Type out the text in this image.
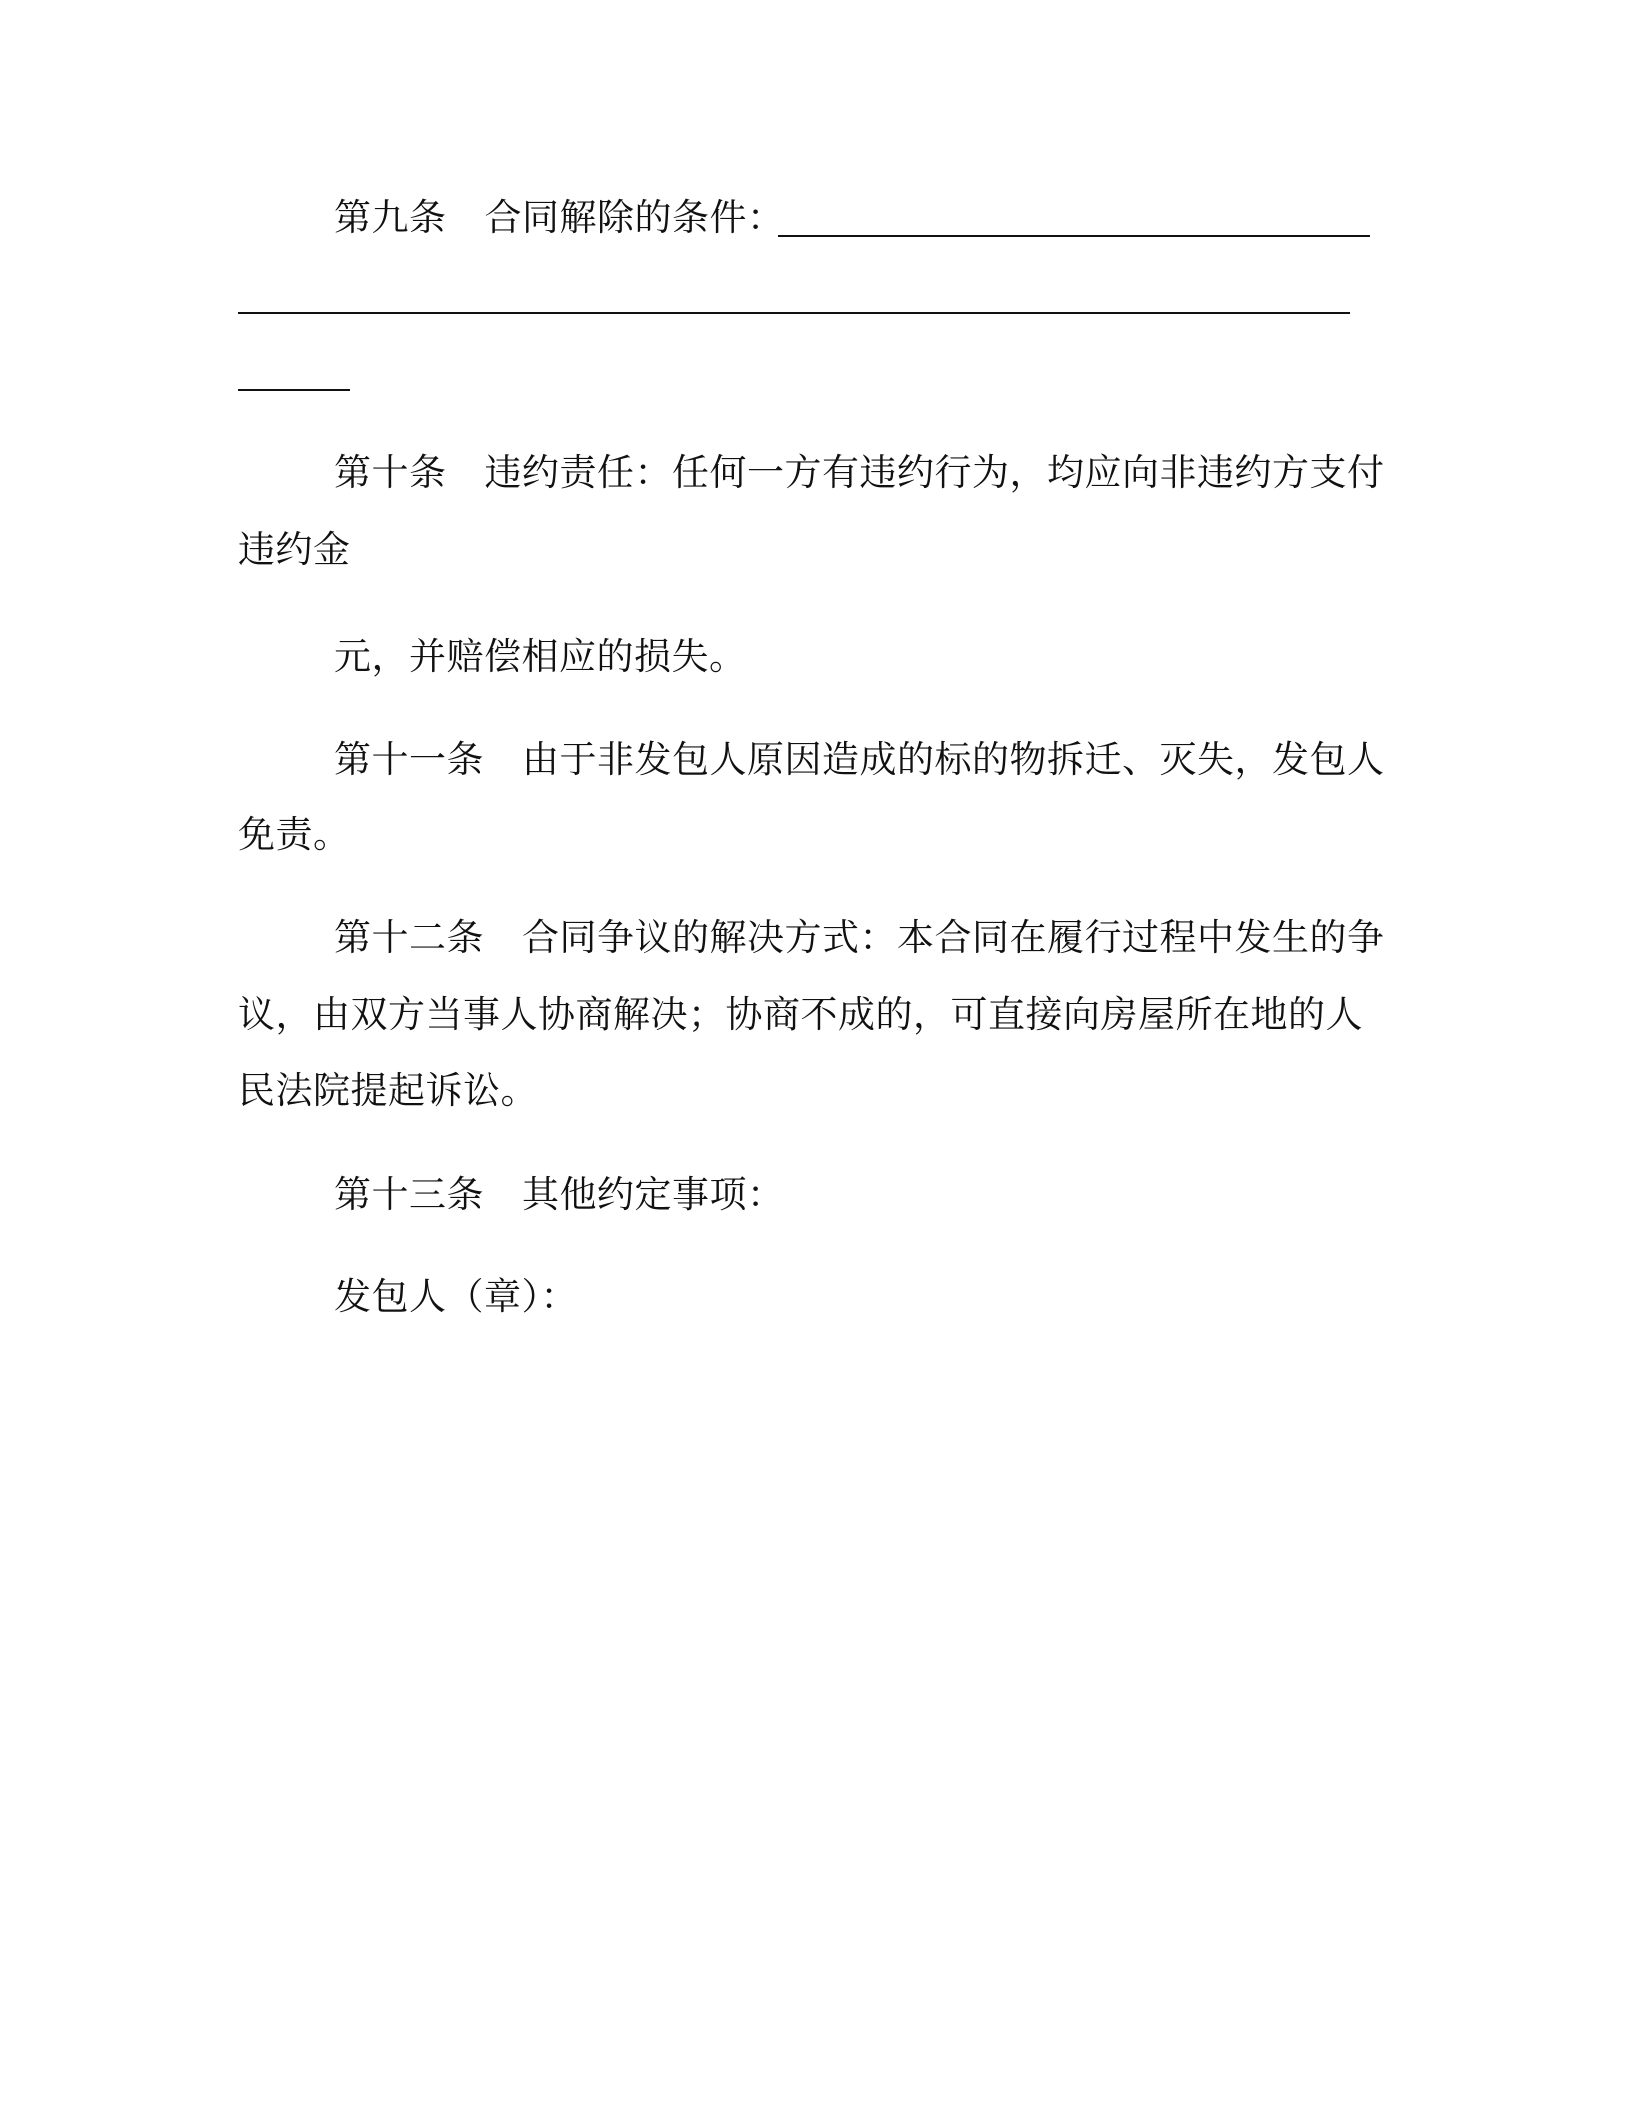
第九条 合同解除的条件：
第十条 违约责任：任何一方有违约行为，均应向非违约方支付
违约金
元，并赔偿相应的损失。
第十一条 由于非发包人原因造成的标的物拆迁、灭失，发包人
免责。
第十二条 合同争议的解决方式：本合同在履行过程中发生的争
议，由双方当事人协商解决；协商不成的，可直接向房屋所在地的人
民法院提起诉讼。
第十三条 其他约定事项：
发包人（章）：
